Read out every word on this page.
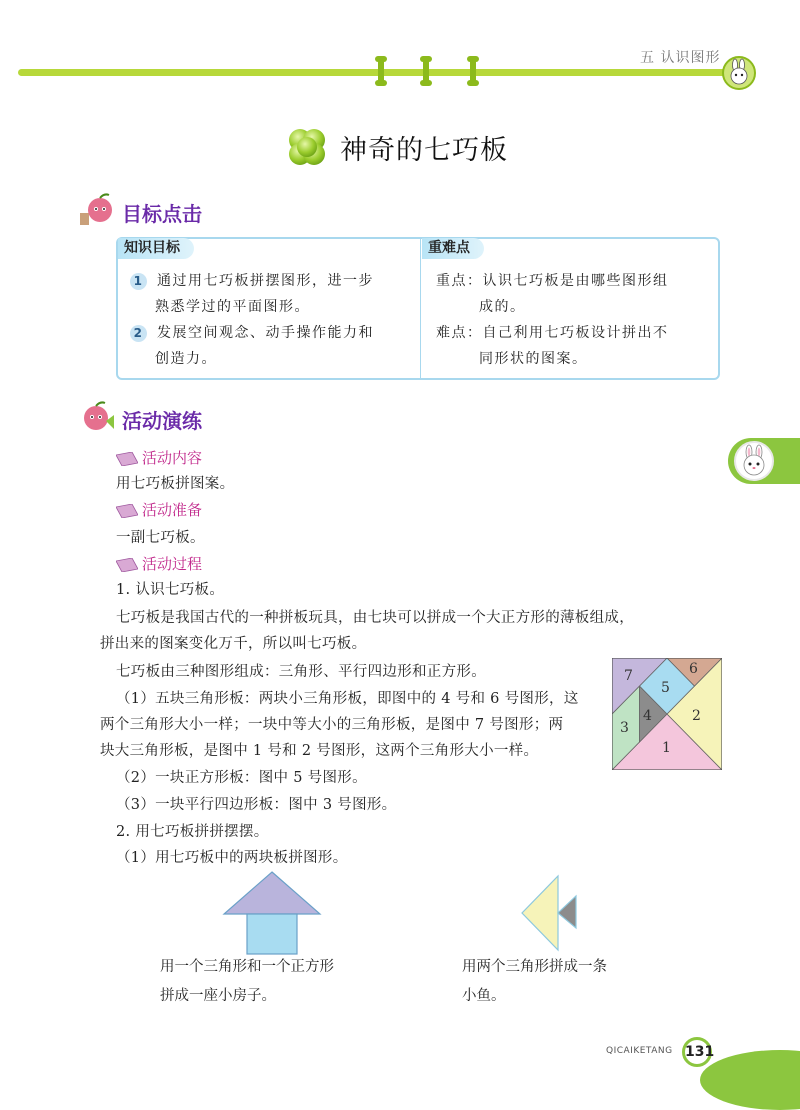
五 认识图形
神奇的七巧板
目标点击
知识目标	重难点
1 通过用七巧板拼摆图形，进一步
熟悉学过的平面图形。
2 发展空间观念、动手操作能力和
创造力。
重点：认识七巧板是由哪些图形组
成的。
难点：自己利用七巧板设计拼出不
同形状的图案。
活动演练
活动内容
用七巧板拼图案。
活动准备
一副七巧板。
活动过程
1. 认识七巧板。
七巧板是我国古代的一种拼板玩具，由七块可以拼成一个大正方形的薄板组成，
拼出来的图案变化万千，所以叫七巧板。
七巧板由三种图形组成：三角形、平行四边形和正方形。
（1）五块三角形板：两块小三角形板，即图中的 4 号和 6 号图形，这
两个三角形大小一样；一块中等大小的三角形板，是图中 7 号图形；两
块大三角形板，是图中 1 号和 2 号图形，这两个三角形大小一样。
（2）一块正方形板：图中 5 号图形。
（3）一块平行四边形板：图中 3 号图形。
2. 用七巧板拼拼摆摆。
（1）用七巧板中的两块板拼图形。
1
2
3
4
5
6
7
用一个三角形和一个正方形
拼成一座小房子。
用两个三角形拼成一条
小鱼。
QICAIKETANG 131
